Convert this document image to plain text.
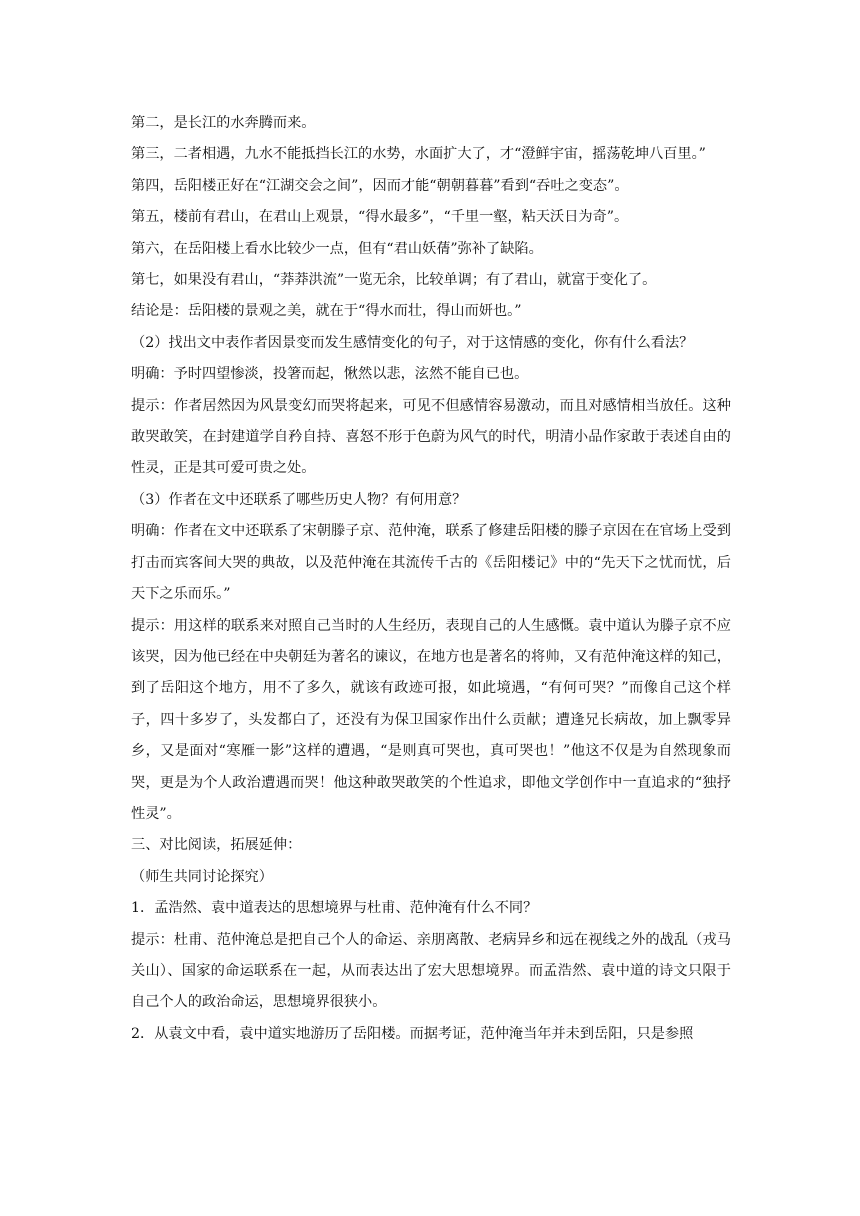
第二，是长江的水奔腾而来。

第三，二者相遇，九水不能抵挡长江的水势，水面扩大了，才“澄鲜宇宙，摇荡乾坤八百里。”

第四，岳阳楼正好在“江湖交会之间”，因而才能“朝朝暮暮”看到“吞吐之变态”。

第五，楼前有君山，在君山上观景，“得水最多”，“千里一壑，粘天沃日为奇”。

第六，在岳阳楼上看水比较少一点，但有“君山妖蒨”弥补了缺陷。

第七，如果没有君山，“莽莽洪流”一览无余，比较单调；有了君山，就富于变化了。

结论是：岳阳楼的景观之美，就在于“得水而壮，得山而妍也。”

（2）找出文中表作者因景变而发生感情变化的句子，对于这情感的变化，你有什么看法？

明确：予时四望惨淡，投箸而起，愀然以悲，泫然不能自已也。

提示：作者居然因为风景变幻而哭将起来，可见不但感情容易激动，而且对感情相当放任。这种敢哭敢笑，在封建道学自矜自持、喜怒不形于色蔚为风气的时代，明清小品作家敢于表述自由的性灵，正是其可爱可贵之处。

（3）作者在文中还联系了哪些历史人物？有何用意？

明确：作者在文中还联系了宋朝滕子京、范仲淹，联系了修建岳阳楼的滕子京因在在官场上受到打击而宾客间大哭的典故，以及范仲淹在其流传千古的《岳阳楼记》中的“先天下之忧而忧，后天下之乐而乐。”

提示：用这样的联系来对照自己当时的人生经历，表现自己的人生感慨。袁中道认为滕子京不应该哭，因为他已经在中央朝廷为著名的谏议，在地方也是著名的将帅，又有范仲淹这样的知己，到了岳阳这个地方，用不了多久，就该有政迹可报，如此境遇，“有何可哭？”而像自己这个样子，四十多岁了，头发都白了，还没有为保卫国家作出什么贡献；遭逢兄长病故，加上飘零异乡，又是面对“寒雁一影”这样的遭遇，“是则真可哭也，真可哭也！”他这不仅是为自然现象而哭，更是为个人政治遭遇而哭！他这种敢哭敢笑的个性追求，即他文学创作中一直追求的“独抒性灵”。

三、对比阅读，拓展延伸：

（师生共同讨论探究）

1．孟浩然、袁中道表达的思想境界与杜甫、范仲淹有什么不同？

提示：杜甫、范仲淹总是把自己个人的命运、亲朋离散、老病异乡和远在视线之外的战乱（戎马关山）、国家的命运联系在一起，从而表达出了宏大思想境界。而孟浩然、袁中道的诗文只限于自己个人的政治命运，思想境界很狭小。

2．从袁文中看，袁中道实地游历了岳阳楼。而据考证，范仲淹当年并未到岳阳，只是参照
